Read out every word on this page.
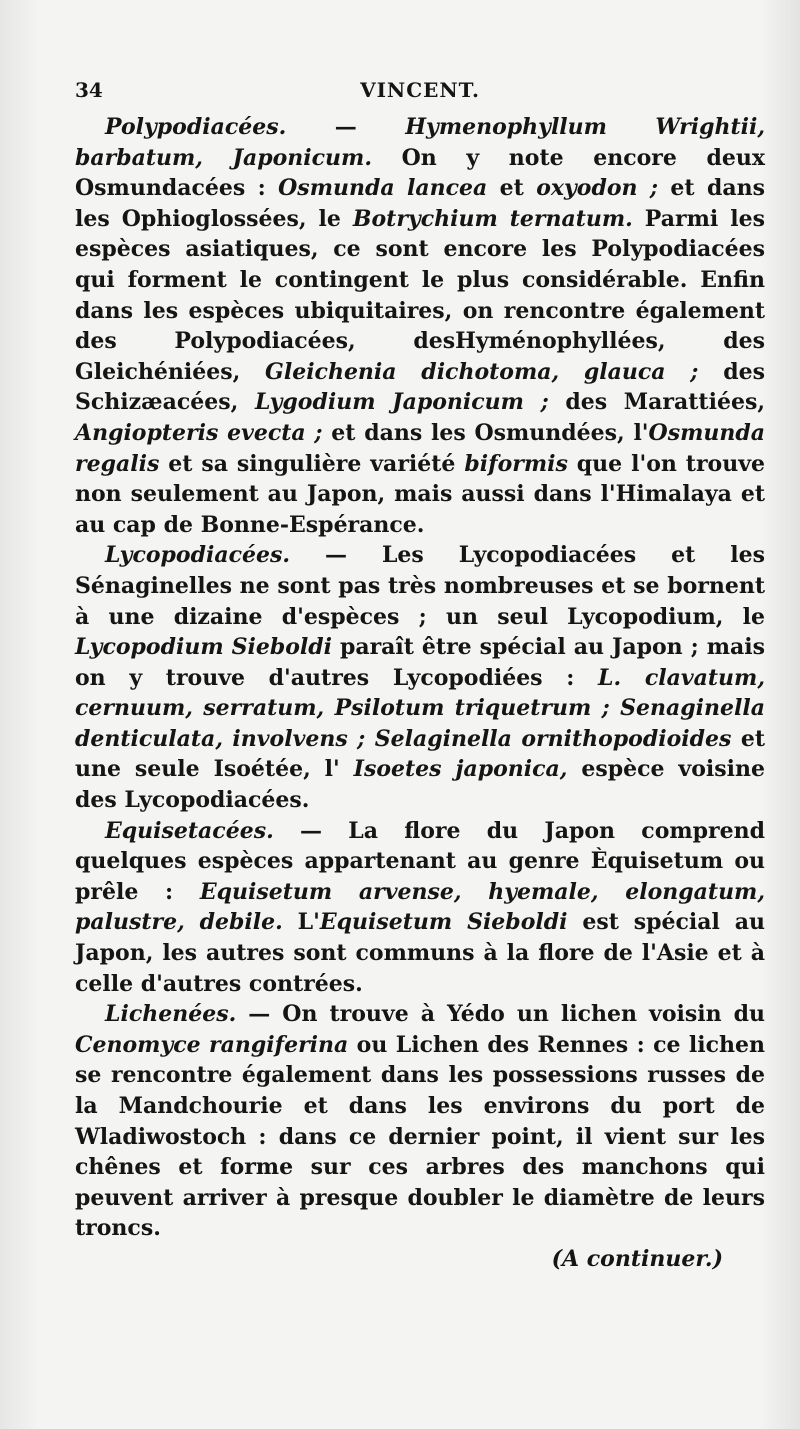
34	VINCENT.

Polypodiacées. — Hymenophyllum Wrightii, barbatum, Japonicum. On y note encore deux Osmundacées : Osmunda lancea et oxyodon ; et dans les Ophioglossées, le Botrychium ternatum. Parmi les espèces asiatiques, ce sont encore les Polypodiacées qui forment le contingent le plus considérable. Enfin dans les espèces ubiquitaires, on rencontre également des Polypodiacées, desHyménophyllées, des Gleichéniées, Gleichenia dichotoma, glauca ; des Schizæacées, Lygodium Japonicum ; des Marattiées, Angiopteris evecta ; et dans les Osmundées, l'Osmunda regalis et sa singulière variété biformis que l'on trouve non seulement au Japon, mais aussi dans l'Himalaya et au cap de Bonne-Espérance.

Lycopodiacées. — Les Lycopodiacées et les Sénaginelles ne sont pas très nombreuses et se bornent à une dizaine d'espèces ; un seul Lycopodium, le Lycopodium Sieboldi paraît être spécial au Japon ; mais on y trouve d'autres Lycopodiées : L. clavatum, cernuum, serratum, Psilotum triquetrum ; Senaginella denticulata, involvens ; Selaginella ornithopodioides et une seule Isoétée, l' Isoetes japonica, espèce voisine des Lycopodiacées.

Equisetacées. — La flore du Japon comprend quelques espèces appartenant au genre Èquisetum ou prêle : Equisetum arvense, hyemale, elongatum, palustre, debile. L'Equisetum Sieboldi est spécial au Japon, les autres sont communs à la flore de l'Asie et à celle d'autres contrées.

Lichenées. — On trouve à Yédo un lichen voisin du Cenomyce rangiferina ou Lichen des Rennes : ce lichen se rencontre également dans les possessions russes de la Mandchourie et dans les environs du port de Wladiwostoch : dans ce dernier point, il vient sur les chênes et forme sur ces arbres des manchons qui peuvent arriver à presque doubler le diamètre de leurs troncs.

(A continuer.)
